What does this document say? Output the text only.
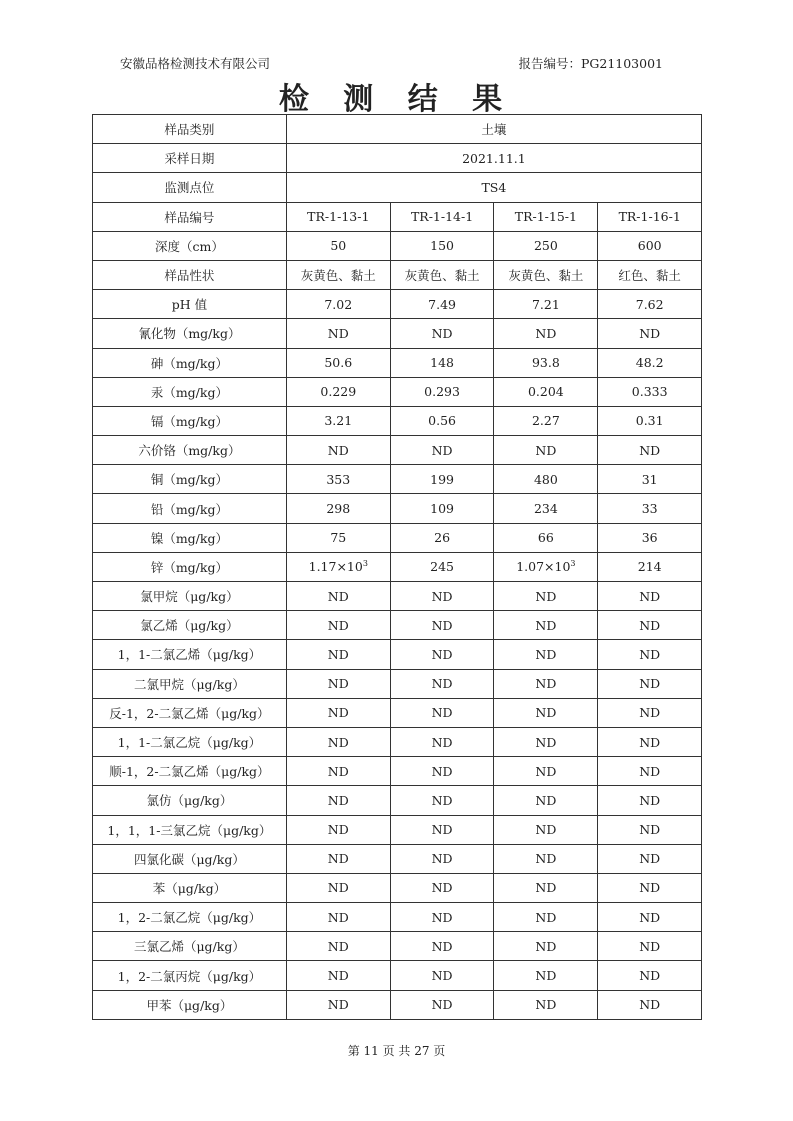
安徽品格检测技术有限公司	报告编号：PG21103001
检 测 结 果
样品类别	土壤			
采样日期	2021.11.1			
监测点位	TS4			
样品编号	TR-1-13-1	TR-1-14-1	TR-1-15-1	TR-1-16-1
深度（cm）	50	150	250	600
样品性状	灰黄色、黏土	灰黄色、黏土	灰黄色、黏土	红色、黏土
pH 值	7.02	7.49	7.21	7.62
氰化物（mg/kg）	ND	ND	ND	ND
砷（mg/kg）	50.6	148	93.8	48.2
汞（mg/kg）	0.229	0.293	0.204	0.333
镉（mg/kg）	3.21	0.56	2.27	0.31
六价铬（mg/kg）	ND	ND	ND	ND
铜（mg/kg）	353	199	480	31
铅（mg/kg）	298	109	234	33
镍（mg/kg）	75	26	66	36
锌（mg/kg）	$1.17\times 10^3$	245	$1.07\times 10^3$	214
氯甲烷（μg/kg）	ND	ND	ND	ND
氯乙烯（μg/kg）	ND	ND	ND	ND
1，1-二氯乙烯（μg/kg）	ND	ND	ND	ND
二氯甲烷（μg/kg）	ND	ND	ND	ND
反-1，2-二氯乙烯（μg/kg）	ND	ND	ND	ND
1，1-二氯乙烷（μg/kg）	ND	ND	ND	ND
顺-1，2-二氯乙烯（μg/kg）	ND	ND	ND	ND
氯仿（μg/kg）	ND	ND	ND	ND
1，1，1-三氯乙烷（μg/kg）	ND	ND	ND	ND
四氯化碳（μg/kg）	ND	ND	ND	ND
苯（μg/kg）	ND	ND	ND	ND
1，2-二氯乙烷（μg/kg）	ND	ND	ND	ND
三氯乙烯（μg/kg）	ND	ND	ND	ND
1，2-二氯丙烷（μg/kg）	ND	ND	ND	ND
甲苯（μg/kg）	ND	ND	ND	ND
第 11 页 共 27 页
